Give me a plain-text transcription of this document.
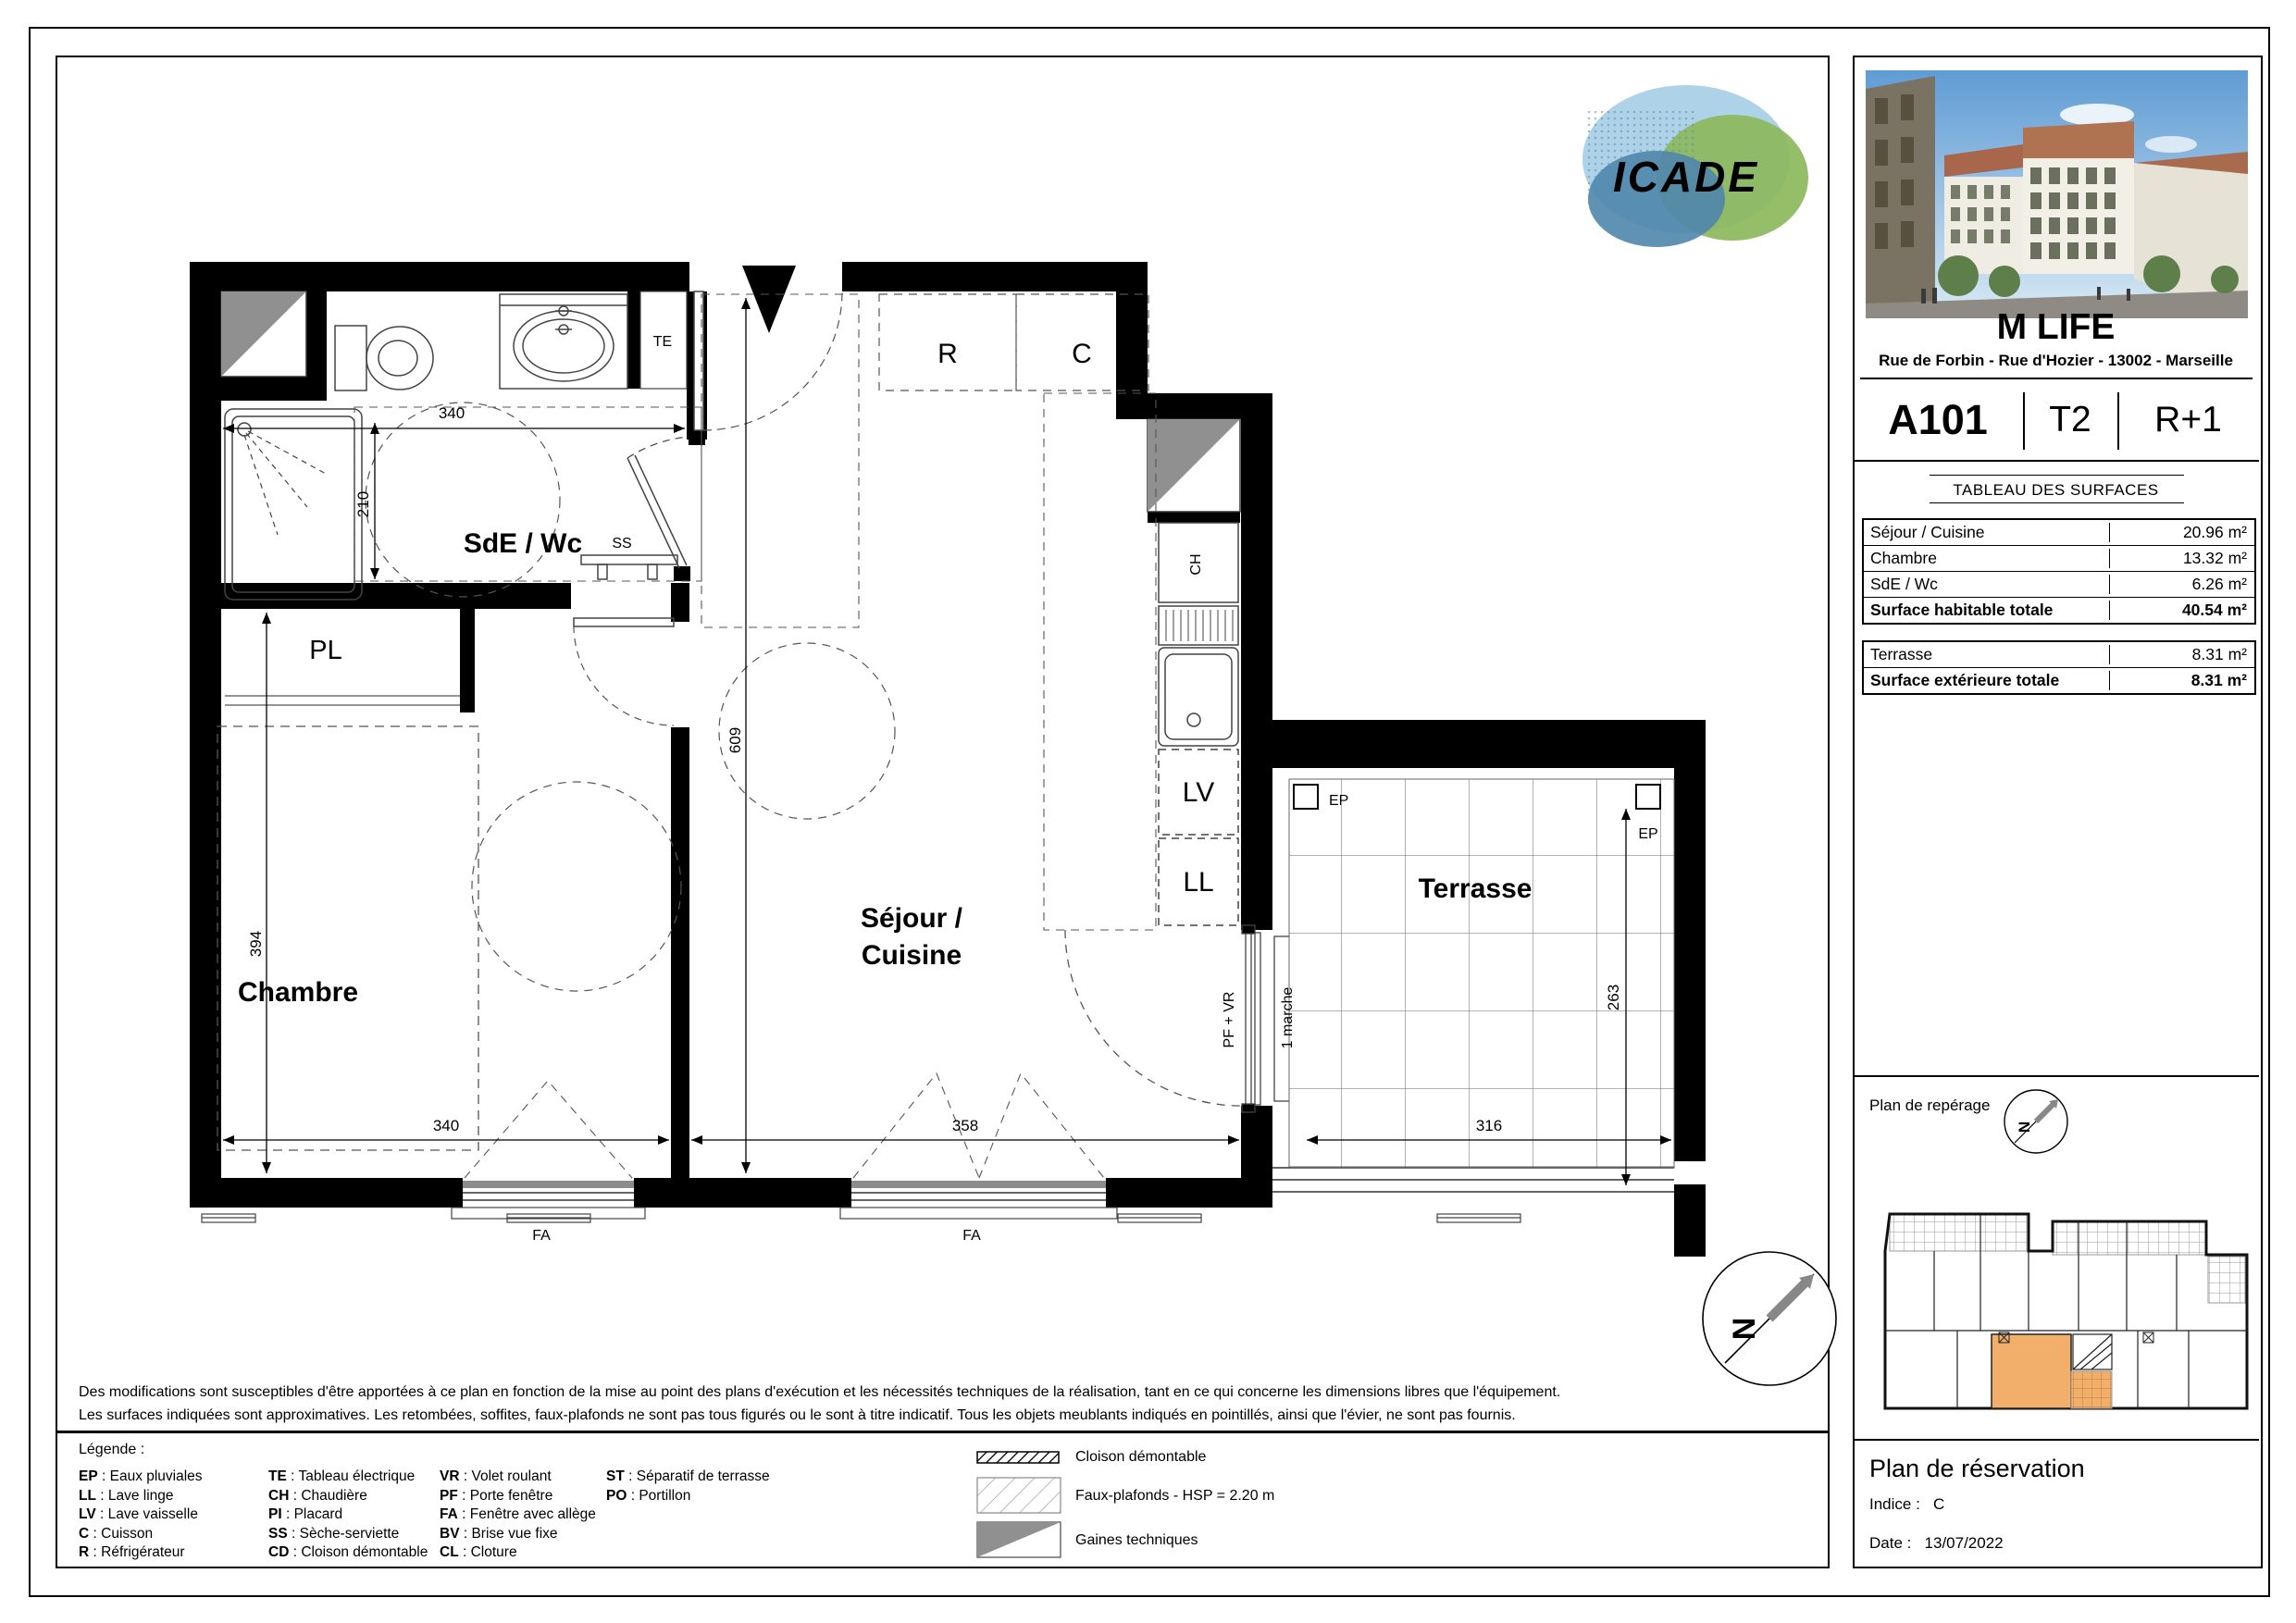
SdE / Wc
PL
Chambre
Séjour /
Cuisine
Terrasse
TE
SS
R	C
CH
LV
LL
EP
EP
PF + VR	1 marche
FA	FA
340
210
609
394
340	358	316
263
N
ICADE
N
M LIFE
Rue de Forbin - Rue d'Hozier - 13002 - Marseille
A101	T2	R+1
TABLEAU DES SURFACES
Séjour / Cuisine	20.96 m²
Chambre	13.32 m²
SdE / Wc	6.26 m²
Surface habitable totale	40.54 m²
Terrasse	8.31 m²
Surface extérieure totale	8.31 m²
Plan de repérage
Plan de réservation
Indice : C
Date : 13/07/2022
Des modifications sont susceptibles d'être apportées à ce plan en fonction de la mise au point des plans d'exécution et les nécessités techniques de la réalisation, tant en ce qui concerne les dimensions libres que l'équipement.
Les surfaces indiquées sont approximatives. Les retombées, soffites, faux-plafonds ne sont pas tous figurés ou le sont à titre indicatif. Tous les objets meublants indiqués en pointillés, ainsi que l'évier, ne sont pas fournis.
Légende :
EP : Eaux pluviales
LL : Lave linge
LV : Lave vaisselle
C : Cuisson
R : Réfrigérateur
TE : Tableau électrique
CH : Chaudière
PI : Placard
SS : Sèche-serviette
CD : Cloison démontable
VR : Volet roulant
PF : Porte fenêtre
FA : Fenêtre avec allège
BV : Brise vue fixe
CL : Cloture
ST : Séparatif de terrasse
PO : Portillon
Cloison démontable
Faux-plafonds - HSP = 2.20 m
Gaines techniques
